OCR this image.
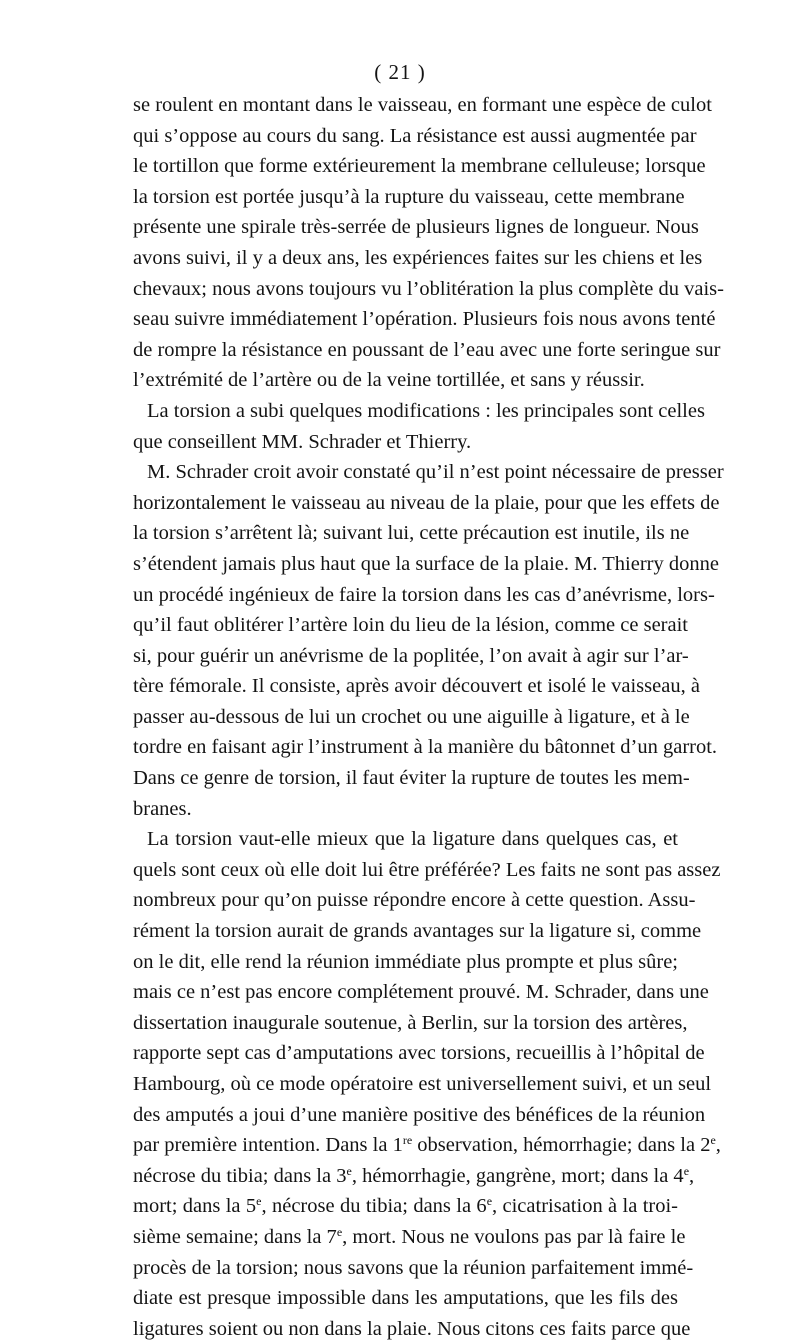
( 21 )
se roulent en montant dans le vaisseau, en formant une espèce de culot
qui s’oppose au cours du sang. La résistance est aussi augmentée par
le tortillon que forme extérieurement la membrane celluleuse; lorsque
la torsion est portée jusqu’à la rupture du vaisseau, cette membrane
présente une spirale très-serrée de plusieurs lignes de longueur. Nous
avons suivi, il y a deux ans, les expériences faites sur les chiens et les
chevaux; nous avons toujours vu l’oblitération la plus complète du vais-
seau suivre immédiatement l’opération. Plusieurs fois nous avons tenté
de rompre la résistance en poussant de l’eau avec une forte seringue sur
l’extrémité de l’artère ou de la veine tortillée, et sans y réussir.
La torsion a subi quelques modifications : les principales sont celles
que conseillent MM. Schrader et Thierry.
M. Schrader croit avoir constaté qu’il n’est point nécessaire de presser
horizontalement le vaisseau au niveau de la plaie, pour que les effets de
la torsion s’arrêtent là; suivant lui, cette précaution est inutile, ils ne
s’étendent jamais plus haut que la surface de la plaie. M. Thierry donne
un procédé ingénieux de faire la torsion dans les cas d’anévrisme, lors-
qu’il faut oblitérer l’artère loin du lieu de la lésion, comme ce serait
si, pour guérir un anévrisme de la poplitée, l’on avait à agir sur l’ar-
tère fémorale. Il consiste, après avoir découvert et isolé le vaisseau, à
passer au-dessous de lui un crochet ou une aiguille à ligature, et à le
tordre en faisant agir l’instrument à la manière du bâtonnet d’un garrot.
Dans ce genre de torsion, il faut éviter la rupture de toutes les mem-
branes.
La torsion vaut-elle mieux que la ligature dans quelques cas, et
quels sont ceux où elle doit lui être préférée? Les faits ne sont pas assez
nombreux pour qu’on puisse répondre encore à cette question. Assu-
rément la torsion aurait de grands avantages sur la ligature si, comme
on le dit, elle rend la réunion immédiate plus prompte et plus sûre;
mais ce n’est pas encore complétement prouvé. M. Schrader, dans une
dissertation inaugurale soutenue, à Berlin, sur la torsion des artères,
rapporte sept cas d’amputations avec torsions, recueillis à l’hôpital de
Hambourg, où ce mode opératoire est universellement suivi, et un seul
des amputés a joui d’une manière positive des bénéfices de la réunion
par première intention. Dans la 1re observation, hémorrhagie; dans la 2e,
nécrose du tibia; dans la 3e, hémorrhagie, gangrène, mort; dans la 4e,
mort; dans la 5e, nécrose du tibia; dans la 6e, cicatrisation à la troi-
sième semaine; dans la 7e, mort. Nous ne voulons pas par là faire le
procès de la torsion; nous savons que la réunion parfaitement immé-
diate est presque impossible dans les amputations, que les fils des
ligatures soient ou non dans la plaie. Nous citons ces faits parce que
